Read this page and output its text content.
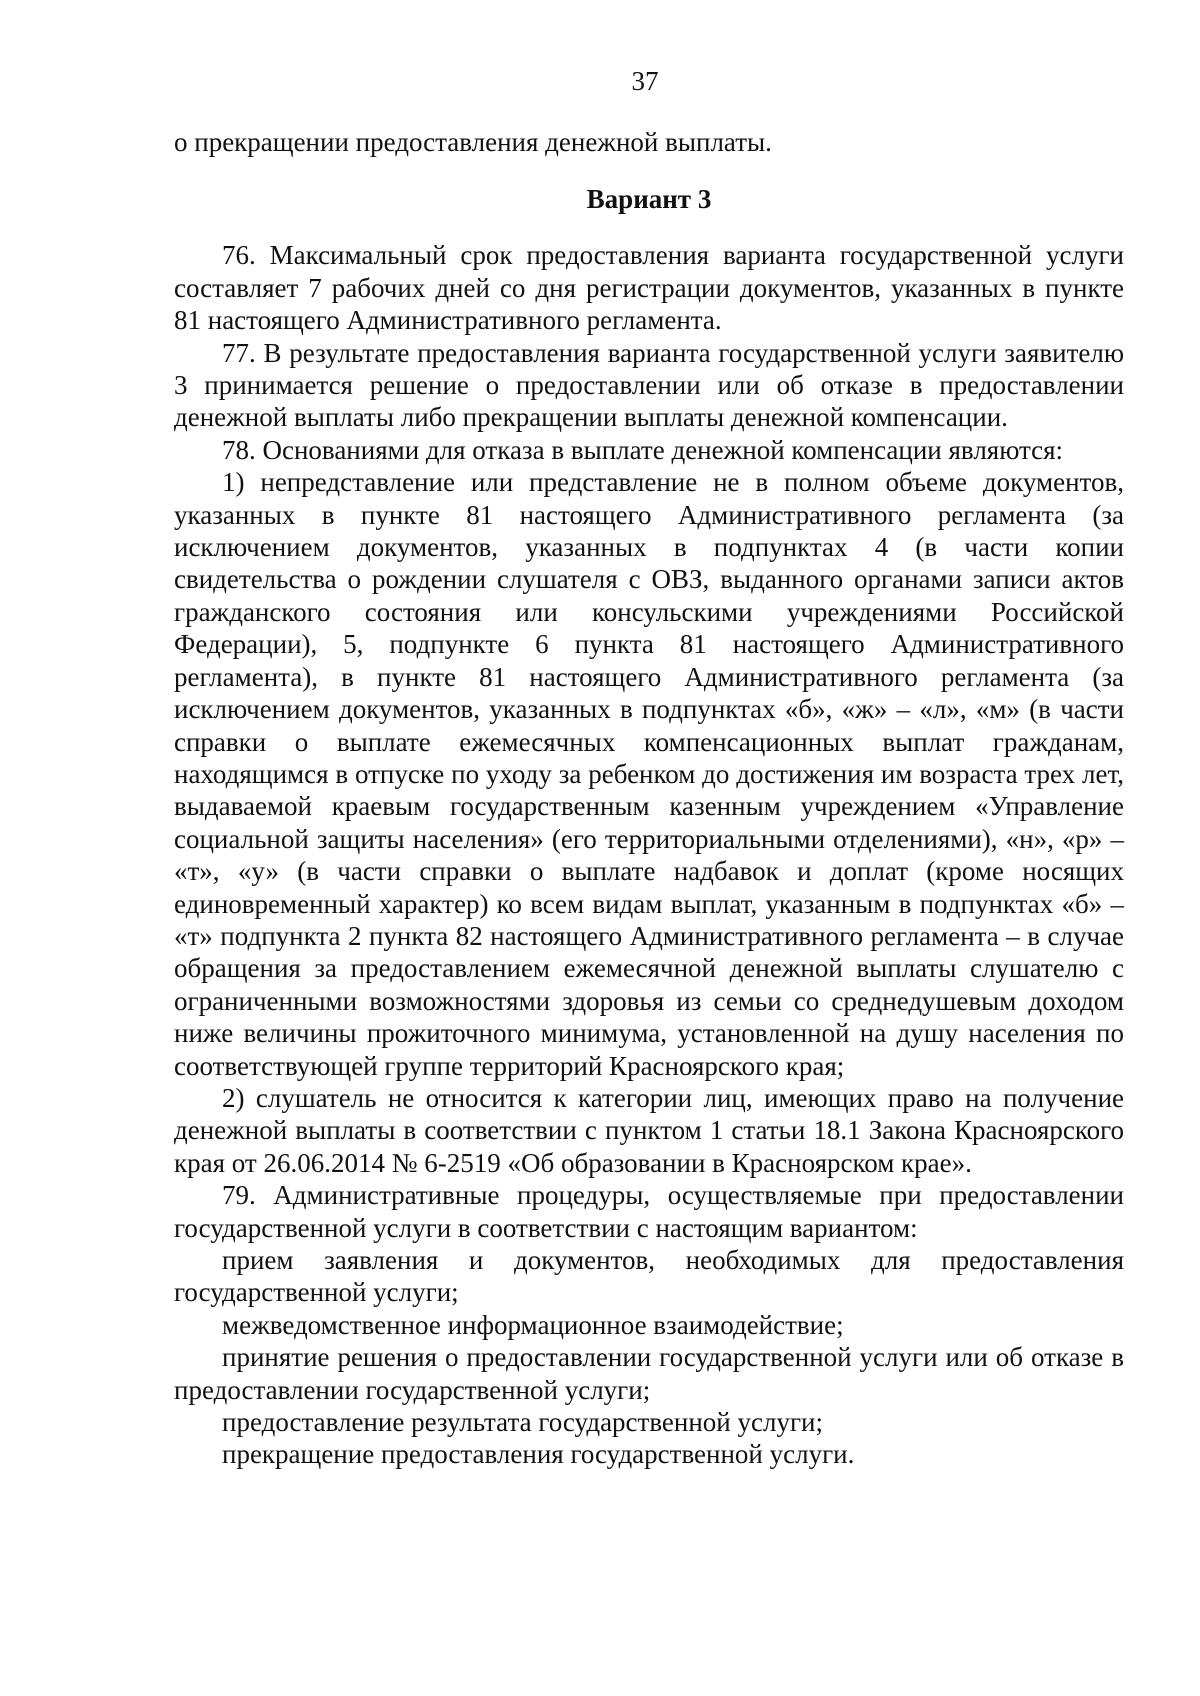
37

о прекращении предоставления денежной выплаты.

Вариант 3

76. Максимальный срок предоставления варианта государственной услуги составляет 7 рабочих дней со дня регистрации документов, указанных в пункте 81 настоящего Административного регламента.

77. В результате предоставления варианта государственной услуги заявителю 3 принимается решение о предоставлении или об отказе в предоставлении денежной выплаты либо прекращении выплаты денежной компенсации.

78. Основаниями для отказа в выплате денежной компенсации являются:

1) непредставление или представление не в полном объеме документов, указанных в пункте 81 настоящего Административного регламента (за исключением документов, указанных в подпунктах 4 (в части копии свидетельства о рождении слушателя с ОВЗ, выданного органами записи актов гражданского состояния или консульскими учреждениями Российской Федерации), 5, подпункте 6 пункта 81 настоящего Административного регламента), в пункте 81 настоящего Административного регламента (за исключением документов, указанных в подпунктах «б», «ж» – «л», «м» (в части справки о выплате ежемесячных компенсационных выплат гражданам, находящимся в отпуске по уходу за ребенком до достижения им возраста трех лет, выдаваемой краевым государственным казенным учреждением «Управление социальной защиты населения» (его территориальными отделениями), «н», «р» – «т», «у» (в части справки о выплате надбавок и доплат (кроме носящих единовременный характер) ко всем видам выплат, указанным в подпунктах «б» – «т» подпункта 2 пункта 82 настоящего Административного регламента – в случае обращения за предоставлением ежемесячной денежной выплаты слушателю с ограниченными возможностями здоровья из семьи со среднедушевым доходом ниже величины прожиточного минимума, установленной на душу населения по соответствующей группе территорий Красноярского края;

2) слушатель не относится к категории лиц, имеющих право на получение денежной выплаты в соответствии с пунктом 1 статьи 18.1 Закона Красноярского края от 26.06.2014 № 6-2519 «Об образовании в Красноярском крае».

79. Административные процедуры, осуществляемые при предоставлении государственной услуги в соответствии с настоящим вариантом:

прием заявления и документов, необходимых для предоставления государственной услуги;

межведомственное информационное взаимодействие;

принятие решения о предоставлении государственной услуги или об отказе в предоставлении государственной услуги;

предоставление результата государственной услуги;

прекращение предоставления государственной услуги.
